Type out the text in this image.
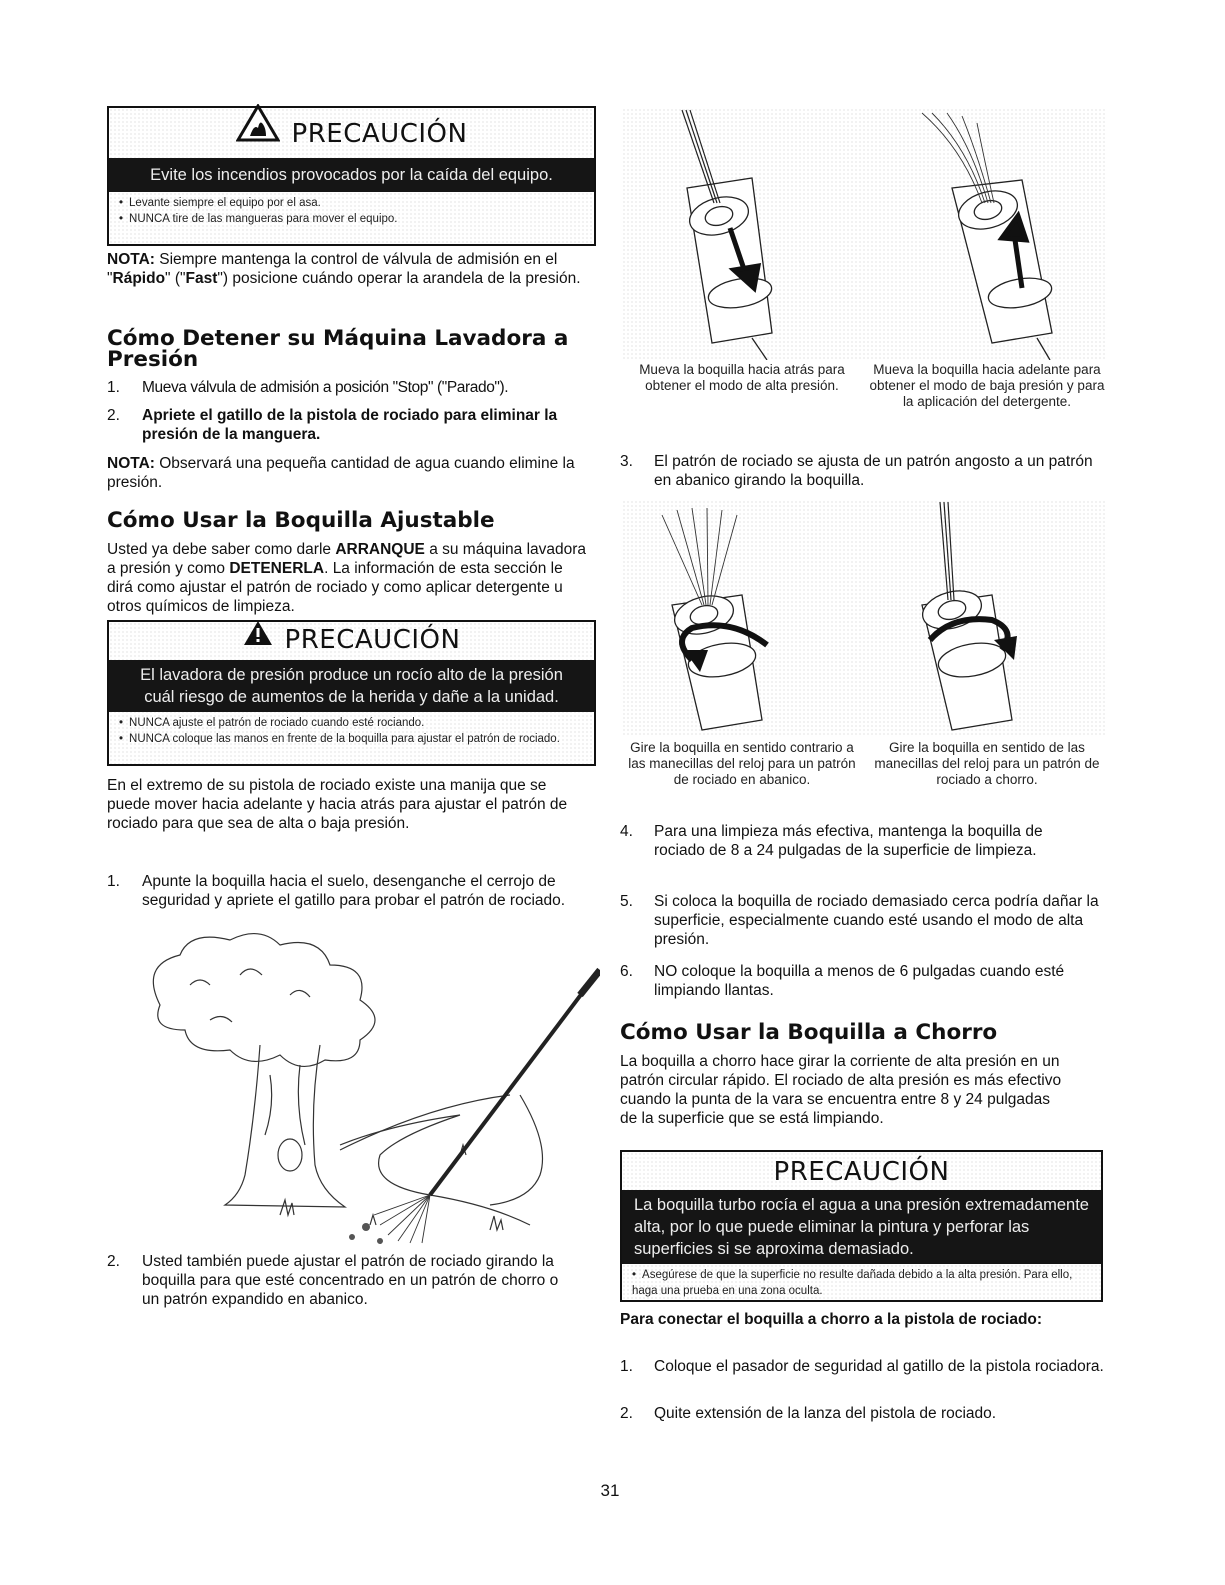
PRECAUCIÓN
Evite los incendios provocados por la caída del equipo.
• Levante siempre el equipo por el asa.
• NUNCA tire de las mangueras para mover el equipo.

NOTA: Siempre mantenga la control de válvula de admisión en el "Rápido" ("Fast") posicione cuándo operar la arandela de la presión.

Cómo Detener su Máquina Lavadora a Presión
1. Mueva válvula de admisión a posición "Stop" ("Parado").

2. Apriete el gatillo de la pistola de rociado para eliminar la presión de la manguera.

NOTA: Observará una pequeña cantidad de agua cuando elimine la presión.

Cómo Usar la Boquilla Ajustable

Usted ya debe saber como darle ARRANQUE a su máquina lavadora a presión y como DETENERLA. La información de esta sección le dirá como ajustar el patrón de rociado y como aplicar detergente u otros químicos de limpieza.

PRECAUCIÓN
El lavadora de presión produce un rocío alto de la presión cuál riesgo de aumentos de la herida y dañe a la unidad.
• NUNCA ajuste el patrón de rociado cuando esté rociando.
• NUNCA coloque las manos en frente de la boquilla para ajustar el patrón de rociado.

En el extremo de su pistola de rociado existe una manija que se puede mover hacia adelante y hacia atrás para ajustar el patrón de rociado para que sea de alta o baja presión.

1. Apunte la boquilla hacia el suelo, desenganche el cerrojo de seguridad y apriete el gatillo para probar el patrón de rociado.

2. Usted también puede ajustar el patrón de rociado girando la boquilla para que esté concentrado en un patrón de chorro o un patrón expandido en abanico.

Mueva la boquilla hacia atrás para obtener el modo de alta presión.
Mueva la boquilla hacia adelante para obtener el modo de baja presión y para la aplicación del detergente.
3. El patrón de rociado se ajusta de un patrón angosto a un patrón en abanico girando la boquilla.

Gire la boquilla en sentido contrario a las manecillas del reloj para un patrón de rociado en abanico.
Gire la boquilla en sentido de las manecillas del reloj para un patrón de rociado a chorro.
4. Para una limpieza más efectiva, mantenga la boquilla de rociado de 8 a 24 pulgadas de la superficie de limpieza.

5. Si coloca la boquilla de rociado demasiado cerca podría dañar la superficie, especialmente cuando esté usando el modo de alta presión.

6. NO coloque la boquilla a menos de 6 pulgadas cuando esté limpiando llantas.

Cómo Usar la Boquilla a Chorro

La boquilla a chorro hace girar la corriente de alta presión en un patrón circular rápido. El rociado de alta presión es más efectivo cuando la punta de la vara se encuentra entre 8 y 24 pulgadas de la superficie que se está limpiando.

PRECAUCIÓN
La boquilla turbo rocía el agua a una presión extremadamente alta, por lo que puede eliminar la pintura y perforar las superficies si se aproxima demasiado.
• Asegúrese de que la superficie no resulte dañada debido a la alta presión. Para ello, haga una prueba en una zona oculta.

Para conectar el boquilla a chorro a la pistola de rociado:

1. Coloque el pasador de seguridad al gatillo de la pistola rociadora.

2. Quite extensión de la lanza del pistola de rociado.

31
